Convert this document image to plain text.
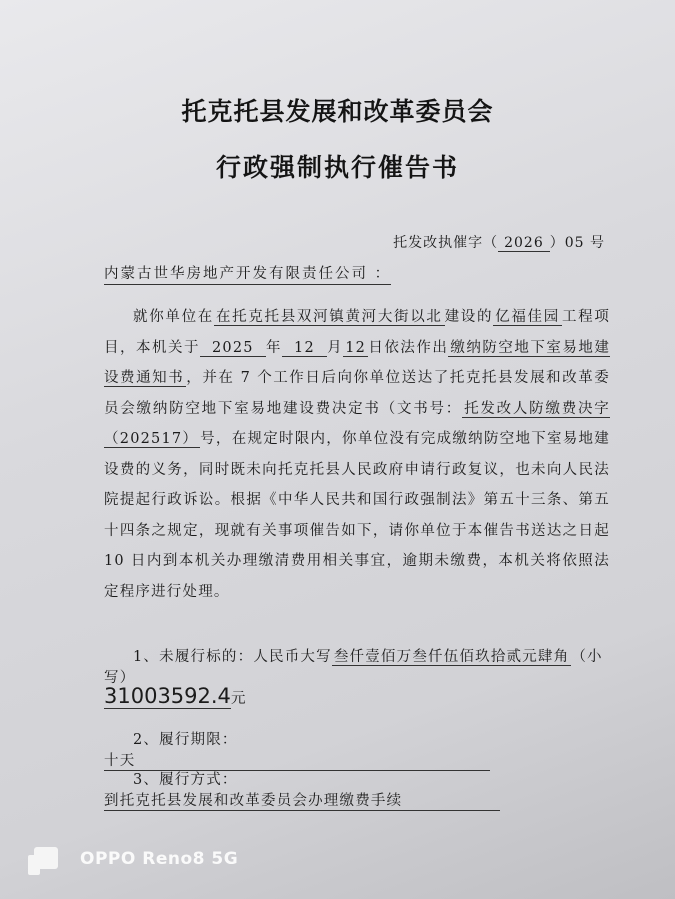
托克托县发展和改革委员会
行政强制执行催告书
托发改执催字（ 2026 ）05 号
内蒙古世华房地产开发有限责任公司 ：

就你单位在 在托克托县双河镇黄河大街以北 建设的 亿福佳园 工程项目，本机关于 2025 年 12 月 12 日依法作出 缴纳防空地下室易地建设费通知书 ，并在 7 个工作日后向你单位送达了托克托县发展和改革委员会缴纳防空地下室易地建设费决定书（文书号： 托发改人防缴费决字（202517） 号，在规定时限内，你单位没有完成缴纳防空地下室易地建设费的义务，同时既未向托克托县人民政府申请行政复议，也未向人民法院提起行政诉讼。根据《中华人民共和国行政强制法》第五十三条、第五十四条之规定，现就有关事项催告如下，请你单位于本催告书送达之日起 10 日内到本机关办理缴清费用相关事宜，逾期未缴费，本机关将依照法定程序进行处理。

1、未履行标的：人民币大写 叁仟壹佰万叁仟伍佰玖拾贰元肆角 （小写）
31003592.4元
2、履行期限：十天
3、履行方式：到托克托县发展和改革委员会办理缴费手续
OPPO Reno8 5G
